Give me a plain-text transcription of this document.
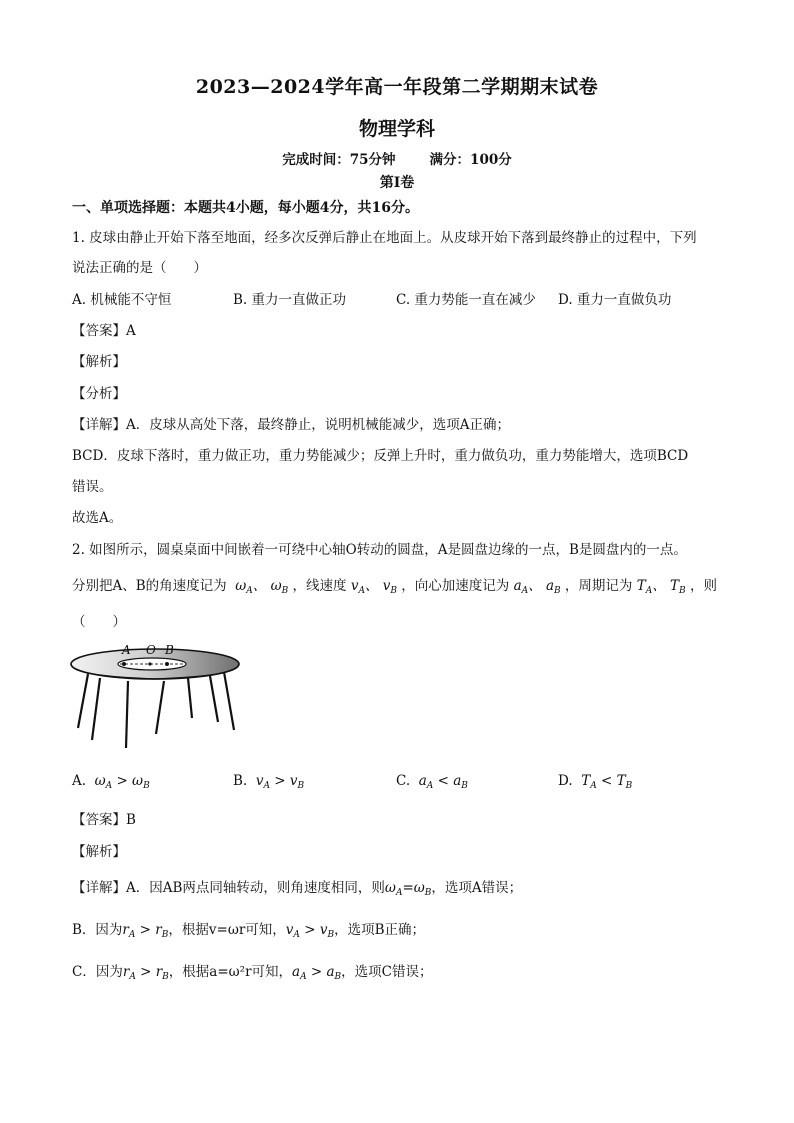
2023—2024学年高一年段第二学期期末试卷
物理学科
完成时间：75分钟	满分：100分
第Ⅰ卷
一、单项选择题：本题共4小题，每小题4分，共16分。
1. 皮球由静止开始下落至地面，经多次反弹后静止在地面上。从皮球开始下落到最终静止的过程中，下列
说法正确的是（　　）
A. 机械能不守恒	B. 重力一直做正功	C. 重力势能一直在减少 D. 重力一直做负功
【答案】A
【解析】
【分析】
【详解】A．皮球从高处下落，最终静止，说明机械能减少，选项A正确；
BCD．皮球下落时，重力做正功，重力势能减少；反弹上升时，重力做负功，重力势能增大，选项BCD
错误。
故选A。
2. 如图所示，圆桌桌面中间嵌着一可绕中心轴O转动的圆盘，A是圆盘边缘的一点，B是圆盘内的一点。
分别把A、B的角速度记为  $\omega_A$、 $\omega_B$ ，线速度 $v_A$、 $v_B$ ，向心加速度记为 $a_A$、 $a_B$ ，周期记为 $T_A$、 $T_B$ ，则
（　　）
A O B
A. $\omega_A > \omega_B$	B. $v_A > v_B$	C. $a_A < a_B$	D. $T_A < T_B$
【答案】B
【解析】
【详解】A．因AB两点同轴转动，则角速度相同，则$\omega_A=\omega_B$，选项A错误；
B．因为$r_A > r_B$，根据v=ωr可知，$v_A > v_B$，选项B正确；
C．因为$r_A > r_B$，根据a=ω²r可知，$a_A > a_B$，选项C错误；
